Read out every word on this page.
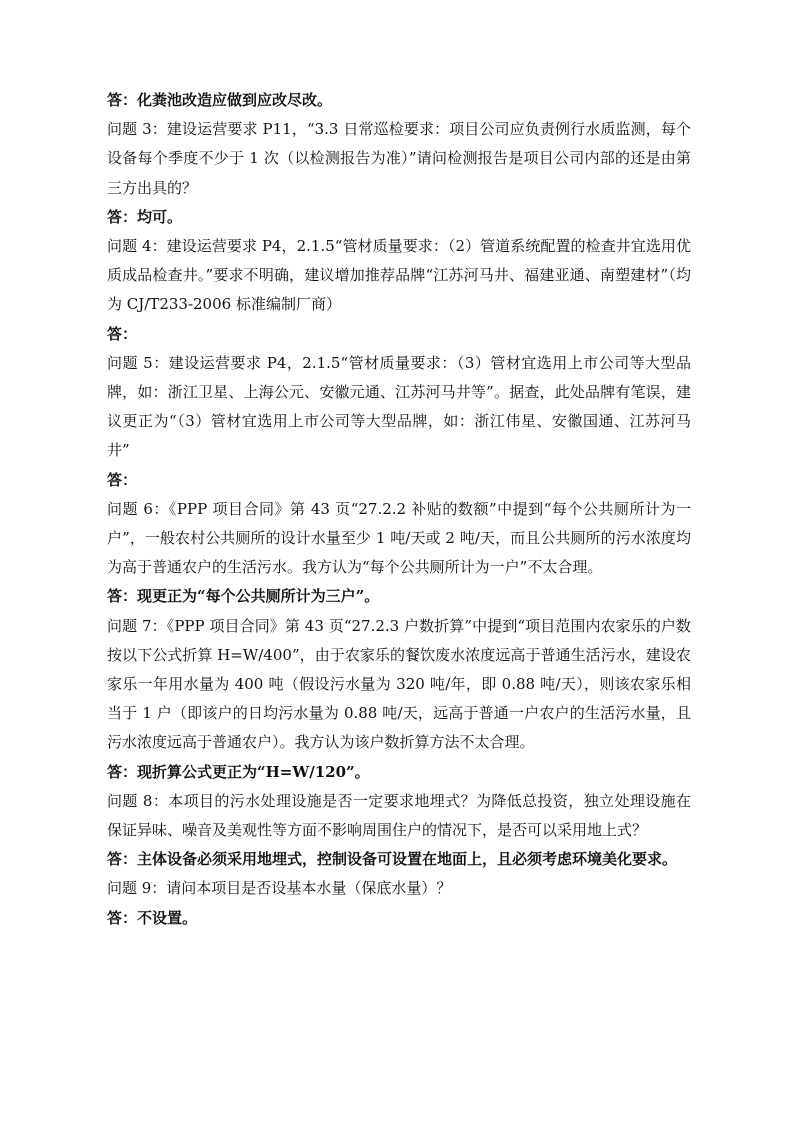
答：化粪池改造应做到应改尽改。

问题 3：建设运营要求 P11，“3.3 日常巡检要求：项目公司应负责例行水质监测，每个设备每个季度不少于 1 次（以检测报告为准）”请问检测报告是项目公司内部的还是由第三方出具的？

答：均可。

问题 4：建设运营要求 P4，2.1.5“管材质量要求：（2）管道系统配置的检查井宜选用优质成品检查井。”要求不明确，建议增加推荐品牌“江苏河马井、福建亚通、南塑建材”（均为 CJ/T233-2006 标准编制厂商）

答：

问题 5：建设运营要求 P4，2.1.5“管材质量要求：（3）管材宜选用上市公司等大型品牌，如：浙江卫星、上海公元、安徽元通、江苏河马井等”。据查，此处品牌有笔误，建议更正为“（3）管材宜选用上市公司等大型品牌，如：浙江伟星、安徽国通、江苏河马井”

答：

问题 6：《PPP 项目合同》第 43 页“27.2.2 补贴的数额”中提到“每个公共厕所计为一户”，一般农村公共厕所的设计水量至少 1 吨/天或 2 吨/天，而且公共厕所的污水浓度均为高于普通农户的生活污水。我方认为“每个公共厕所计为一户”不太合理。

答：现更正为“每个公共厕所计为三户”。

问题 7：《PPP 项目合同》第 43 页“27.2.3 户数折算”中提到“项目范围内农家乐的户数按以下公式折算 H=W/400”，由于农家乐的餐饮废水浓度远高于普通生活污水，建设农家乐一年用水量为 400 吨（假设污水量为 320 吨/年，即 0.88 吨/天），则该农家乐相当于 1 户（即该户的日均污水量为 0.88 吨/天，远高于普通一户农户的生活污水量，且污水浓度远高于普通农户）。我方认为该户数折算方法不太合理。

答：现折算公式更正为“H=W/120”。

问题 8：本项目的污水处理设施是否一定要求地埋式？为降低总投资，独立处理设施在保证异味、噪音及美观性等方面不影响周围住户的情况下，是否可以采用地上式？

答：主体设备必须采用地埋式，控制设备可设置在地面上，且必须考虑环境美化要求。

问题 9：请问本项目是否设基本水量（保底水量）？

答：不设置。
